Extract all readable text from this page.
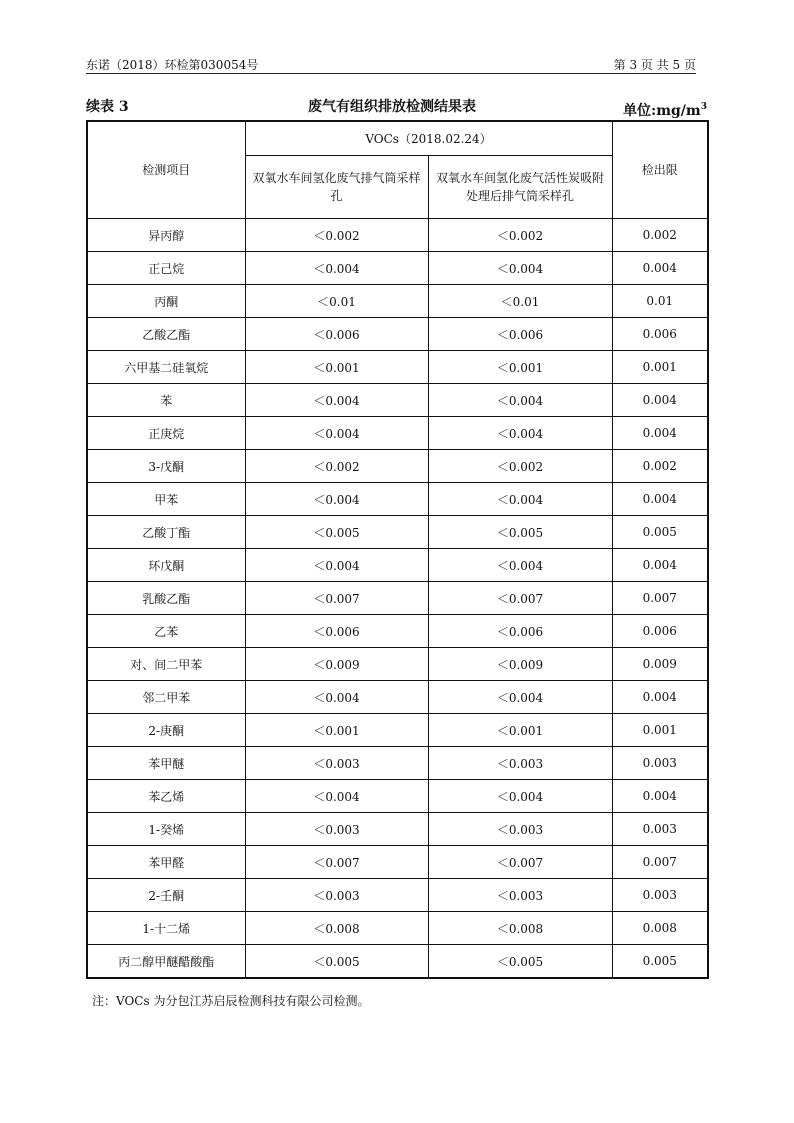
东诺（2018）环检第030054号	第 3 页 共 5 页
续表 3	废气有组织排放检测结果表	单位$:mg/m^3$
检测项目	VOCs（2018.02.24）		检出限
	双氧水车间氢化废气排气筒采样孔	双氧水车间氢化废气活性炭吸附处理后排气筒采样孔	
异丙醇	＜0.002	＜0.002	0.002
正己烷	＜0.004	＜0.004	0.004
丙酮	＜0.01	＜0.01	0.01
乙酸乙酯	＜0.006	＜0.006	0.006
六甲基二硅氧烷	＜0.001	＜0.001	0.001
苯	＜0.004	＜0.004	0.004
正庚烷	＜0.004	＜0.004	0.004
3-戊酮	＜0.002	＜0.002	0.002
甲苯	＜0.004	＜0.004	0.004
乙酸丁酯	＜0.005	＜0.005	0.005
环戊酮	＜0.004	＜0.004	0.004
乳酸乙酯	＜0.007	＜0.007	0.007
乙苯	＜0.006	＜0.006	0.006
对、间二甲苯	＜0.009	＜0.009	0.009
邻二甲苯	＜0.004	＜0.004	0.004
2-庚酮	＜0.001	＜0.001	0.001
苯甲醚	＜0.003	＜0.003	0.003
苯乙烯	＜0.004	＜0.004	0.004
1-癸烯	＜0.003	＜0.003	0.003
苯甲醛	＜0.007	＜0.007	0.007
2-壬酮	＜0.003	＜0.003	0.003
1-十二烯	＜0.008	＜0.008	0.008
丙二醇甲醚醋酸酯	＜0.005	＜0.005	0.005
注：VOCs 为分包江苏启辰检测科技有限公司检测。
